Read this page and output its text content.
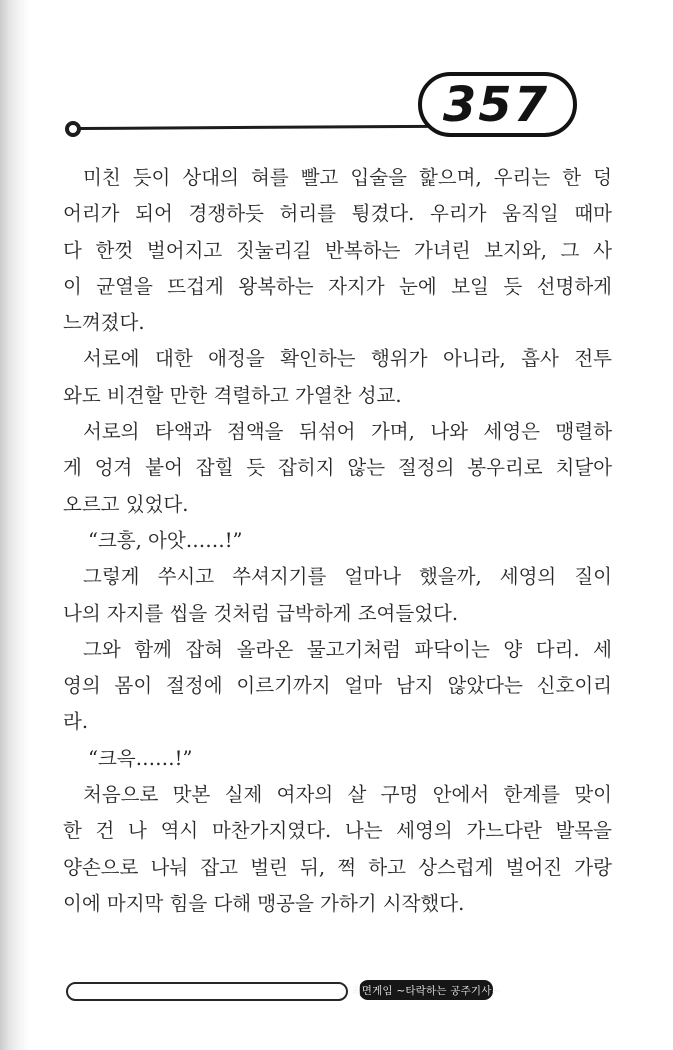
357
미친 듯이 상대의 혀를 빨고 입술을 핥으며, 우리는 한 덩
어리가 되어 경쟁하듯 허리를 튕겼다. 우리가 움직일 때마
다 한껏 벌어지고 짓눌리길 반복하는 가녀린 보지와, 그 사
이 균열을 뜨겁게 왕복하는 자지가 눈에 보일 듯 선명하게
느껴졌다.
서로에 대한 애정을 확인하는 행위가 아니라, 흡사 전투
와도 비견할 만한 격렬하고 가열찬 성교.
서로의 타액과 점액을 뒤섞어 가며, 나와 세영은 맹렬하
게 엉겨 붙어 잡힐 듯 잡히지 않는 절정의 봉우리로 치달아
오르고 있었다.
“크흥, 아앗……!”
그렇게 쑤시고 쑤셔지기를 얼마나 했을까, 세영의 질이
나의 자지를 씹을 것처럼 급박하게 조여들었다.
그와 함께 잡혀 올라온 물고기처럼 파닥이는 양 다리. 세
영의 몸이 절정에 이르기까지 얼마 남지 않았다는 신호이리
라.
“크윽……!”
처음으로 맛본 실제 여자의 살 구멍 안에서 한계를 맞이
한 건 나 역시 마찬가지였다. 나는 세영의 가느다란 발목을
양손으로 나눠 잡고 벌린 뒤, 쩍 하고 상스럽게 벌어진 가랑
이에 마지막 힘을 다해 맹공을 가하기 시작했다.
최면게임 ~타락하는 공주기사~
